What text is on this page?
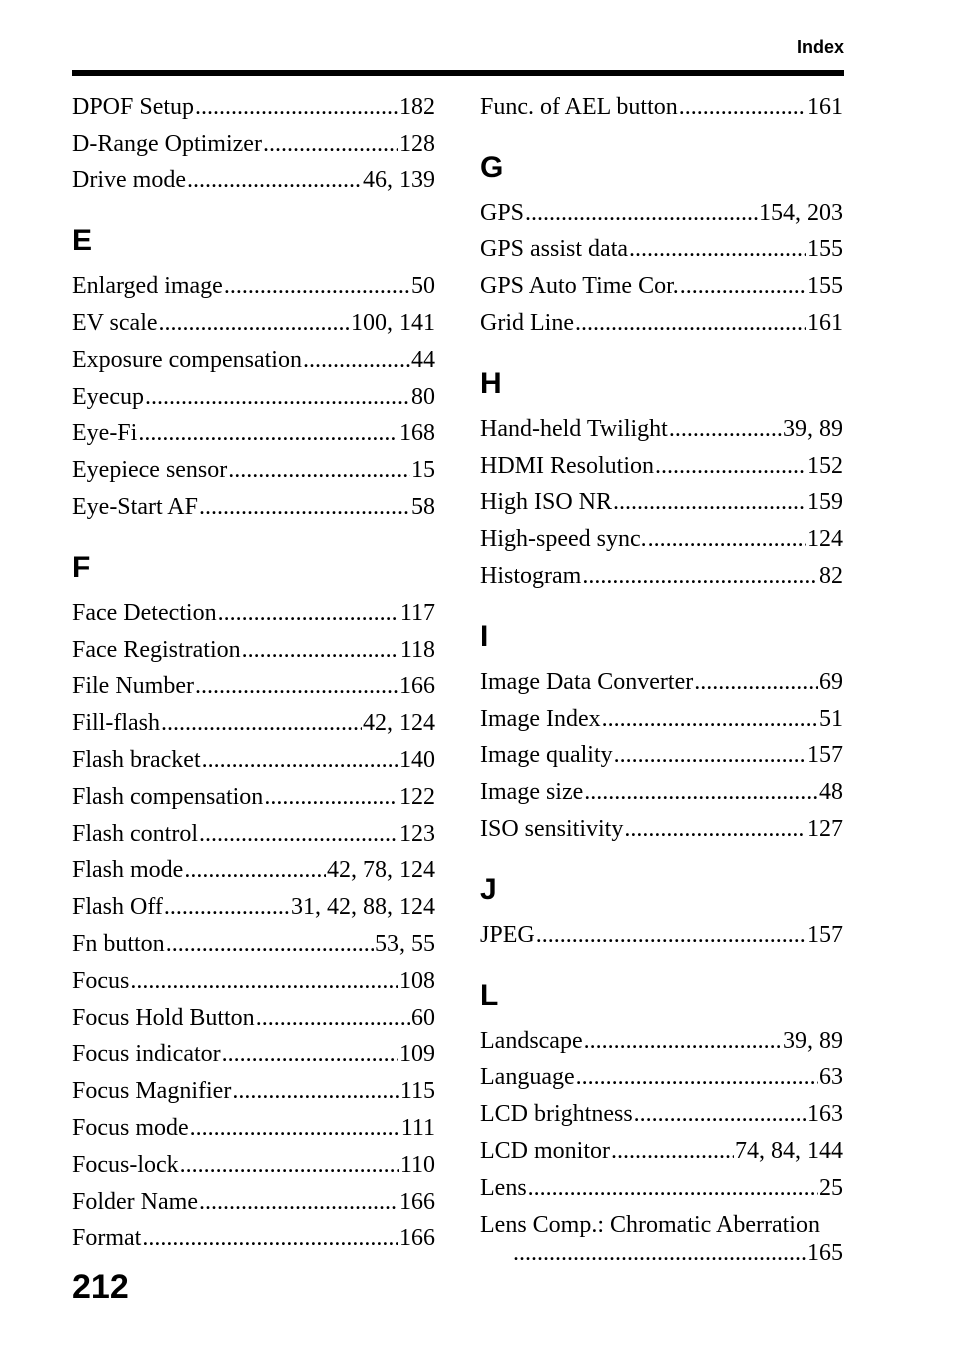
Index
DPOF Setup .....	182
D-Range Optimizer .....	128
Drive mode .....	46, 139
E
Enlarged image .....	50
EV scale .....	100, 141
Exposure compensation .....	44
Eyecup .....	80
Eye-Fi .....	168
Eyepiece sensor .....	15
Eye-Start AF .....	58
F
Face Detection .....	117
Face Registration .....	118
File Number .....	166
Fill-flash .....	42, 124
Flash bracket .....	140
Flash compensation .....	122
Flash control .....	123
Flash mode .....	42, 78, 124
Flash Off .....	31, 42, 88, 124
Fn button .....	53, 55
Focus .....	108
Focus Hold Button .....	60
Focus indicator .....	109
Focus Magnifier .....	115
Focus mode .....	111
Focus-lock .....	110
Folder Name .....	166
Format .....	166
Func. of AEL button .....	161
G
GPS .....	154, 203
GPS assist data .....	155
GPS Auto Time Cor. .....	155
Grid Line .....	161
H
Hand-held Twilight .....	39, 89
HDMI Resolution .....	152
High ISO NR .....	159
High-speed sync. .....	124
Histogram .....	82
I
Image Data Converter .....	69
Image Index .....	51
Image quality .....	157
Image size .....	48
ISO sensitivity .....	127
J
JPEG .....	157
L
Landscape .....	39, 89
Language .....	63
LCD brightness .....	163
LCD monitor .....	74, 84, 144
Lens .....	25
Lens Comp.: Chromatic Aberration
.....
165
212
